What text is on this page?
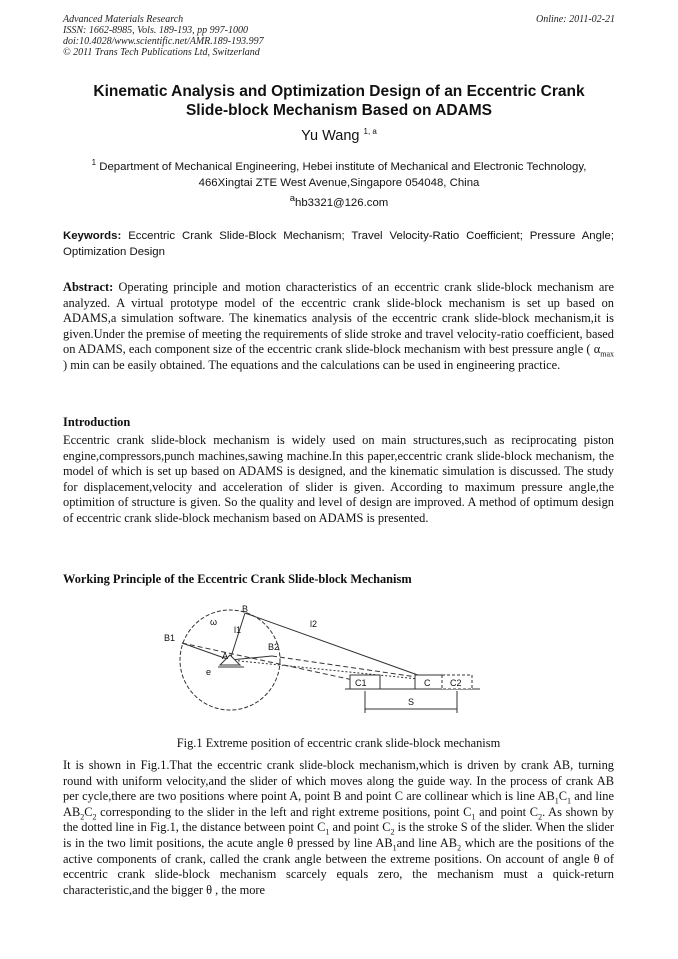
Advanced Materials Research
ISSN: 1662-8985, Vols. 189-193, pp 997-1000
doi:10.4028/www.scientific.net/AMR.189-193.997
© 2011 Trans Tech Publications Ltd, Switzerland
Online: 2011-02-21
Kinematic Analysis and Optimization Design of an Eccentric Crank
Slide-block Mechanism Based on ADAMS
Yu Wang $^{1, a}$
$^1$ Department of Mechanical Engineering, Hebei institute of Mechanical and Electronic Technology,
466Xingtai ZTE West Avenue,Singapore 054048, China
$^a$hb3321@126.com
Keywords: Eccentric Crank Slide-Block Mechanism; Travel Velocity-Ratio Coefficient; Pressure Angle; Optimization Design
Abstract: Operating principle and motion characteristics of an eccentric crank slide-block mechanism are analyzed. A virtual prototype model of the eccentric crank slide-block mechanism is set up based on ADAMS,a simulation software. The kinematics analysis of the eccentric crank slide-block mechanism,it is given.Under the premise of meeting the requirements of slide stroke and travel velocity-ratio coefficient, based on ADAMS, each component size of the eccentric crank slide-block mechanism with best pressure angle ( $\alpha_{max}$ ) min can be easily obtained. The equations and the calculations can be used in engineering practice.
Introduction
Eccentric crank slide-block mechanism is widely used on main structures,such as reciprocating piston engine,compressors,punch machines,sawing machine.In this paper,eccentric crank slide-block mechanism, the model of which is set up based on ADAMS is designed, and the kinematic simulation is discussed. The study for displacement,velocity and acceleration of slider is given. According to maximum pressure angle,the optimition of structure is given. So the quality and level of design are improved. A method of optimum design of eccentric crank slide-block mechanism based on ADAMS is presented.
Working Principle of the Eccentric Crank Slide-block Mechanism
B
B1
B2
A
l1
l2
ω
e
C1	C C2
S
Fig.1 Extreme position of eccentric crank slide-block mechanism
It is shown in Fig.1.That the eccentric crank slide-block mechanism,which is driven by crank AB, turning round with uniform velocity,and the slider of which moves along the guide way. In the process of crank AB per cycle,there are two positions where point A, point B and point C are collinear which is line $AB_1C_1$ and line $AB_2C_2$ corresponding to the slider in the left and right extreme positions, point $C_1$ and point $C_2$. As shown by the dotted line in Fig.1, the distance between point $C_1$ and point $C_2$ is the stroke S of the slider. When the slider is in the two limit positions, the acute angle θ pressed by line $AB_1and$ line $AB_2$ which are the positions of the active components of crank, called the crank angle between the extreme positions. On account of angle θ of eccentric crank slide-block mechanism scarcely equals zero, the mechanism must a quick-return characteristic,and the bigger θ , the more
